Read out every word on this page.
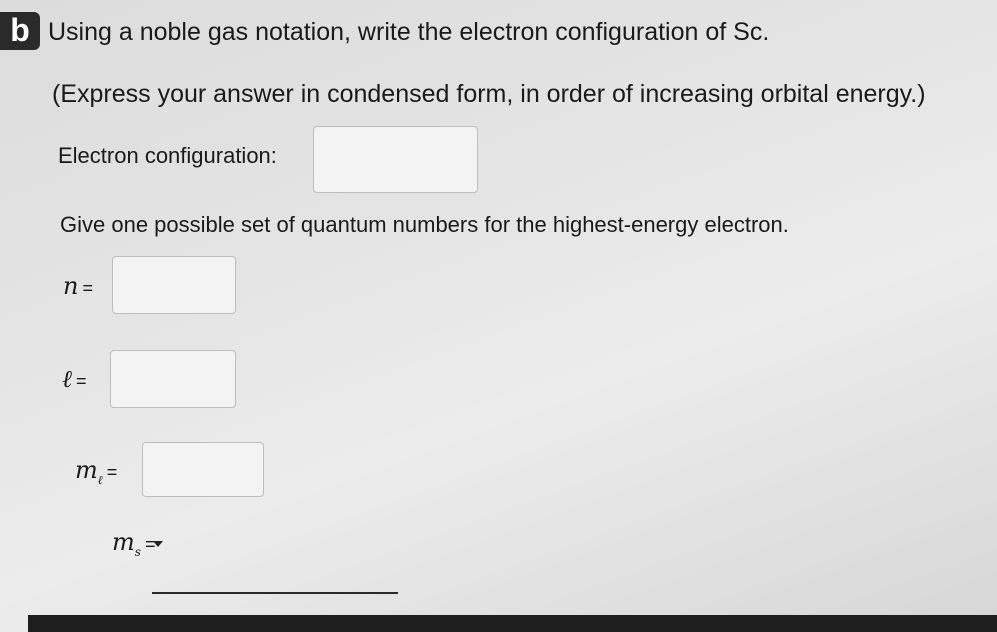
b Using a noble gas notation, write the electron configuration of Sc.
(Express your answer in condensed form, in order of increasing orbital energy.)
Electron configuration:
Give one possible set of quantum numbers for the highest-energy electron.
n =
ℓ =
$m_\ell$ =
$m_s$ =
